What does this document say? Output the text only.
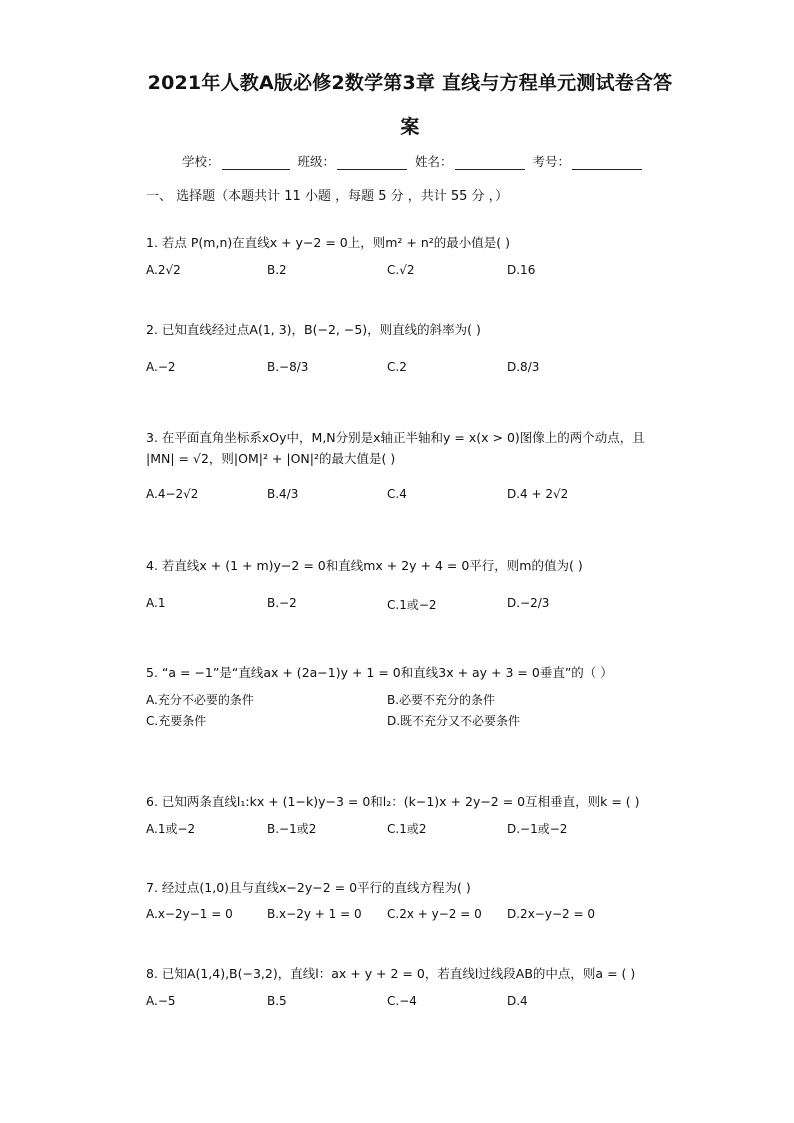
2021年人教A版必修2数学第3章 直线与方程单元测试卷含答
案
学校：	班级：	姓名：	考号：
一、 选择题（本题共计 11 小题 ，每题 5 分 ，共计 55 分 ，）
1. 若点 P(m,n)在直线x + y−2 = 0上，则m² + n²的最小值是( )
A.2√2	B.2	C.√2	D.16
2. 已知直线经过点A(1, 3)，B(−2, −5)，则直线的斜率为( )
A.−2	B.−8/3	C.2	D.8/3
3. 在平面直角坐标系xOy中，M,N分别是x轴正半轴和y = x(x > 0)图像上的两个动点，且
|MN| = √2，则|OM|² + |ON|²的最大值是( )
A.4−2√2	B.4/3	C.4	D.4 + 2√2
4. 若直线x + (1 + m)y−2 = 0和直线mx + 2y + 4 = 0平行，则m的值为( )
A.1	B.−2	C.1或−2	D.−2/3
5. “a = −1”是“直线ax + (2a−1)y + 1 = 0和直线3x + ay + 3 = 0垂直”的（ ）
A.充分不必要的条件	B.必要不充分的条件
C.充要条件	D.既不充分又不必要条件
6. 已知两条直线l₁:kx + (1−k)y−3 = 0和l₂：(k−1)x + 2y−2 = 0互相垂直，则k = ( )
A.1或−2	B.−1或2	C.1或2	D.−1或−2
7. 经过点(1,0)且与直线x−2y−2 = 0平行的直线方程为( )
A.x−2y−1 = 0	B.x−2y + 1 = 0 C.2x + y−2 = 0 D.2x−y−2 = 0
8. 已知A(1,4),B(−3,2)，直线l：ax + y + 2 = 0，若直线l过线段AB的中点，则a = ( )
A.−5	B.5	C.−4	D.4
